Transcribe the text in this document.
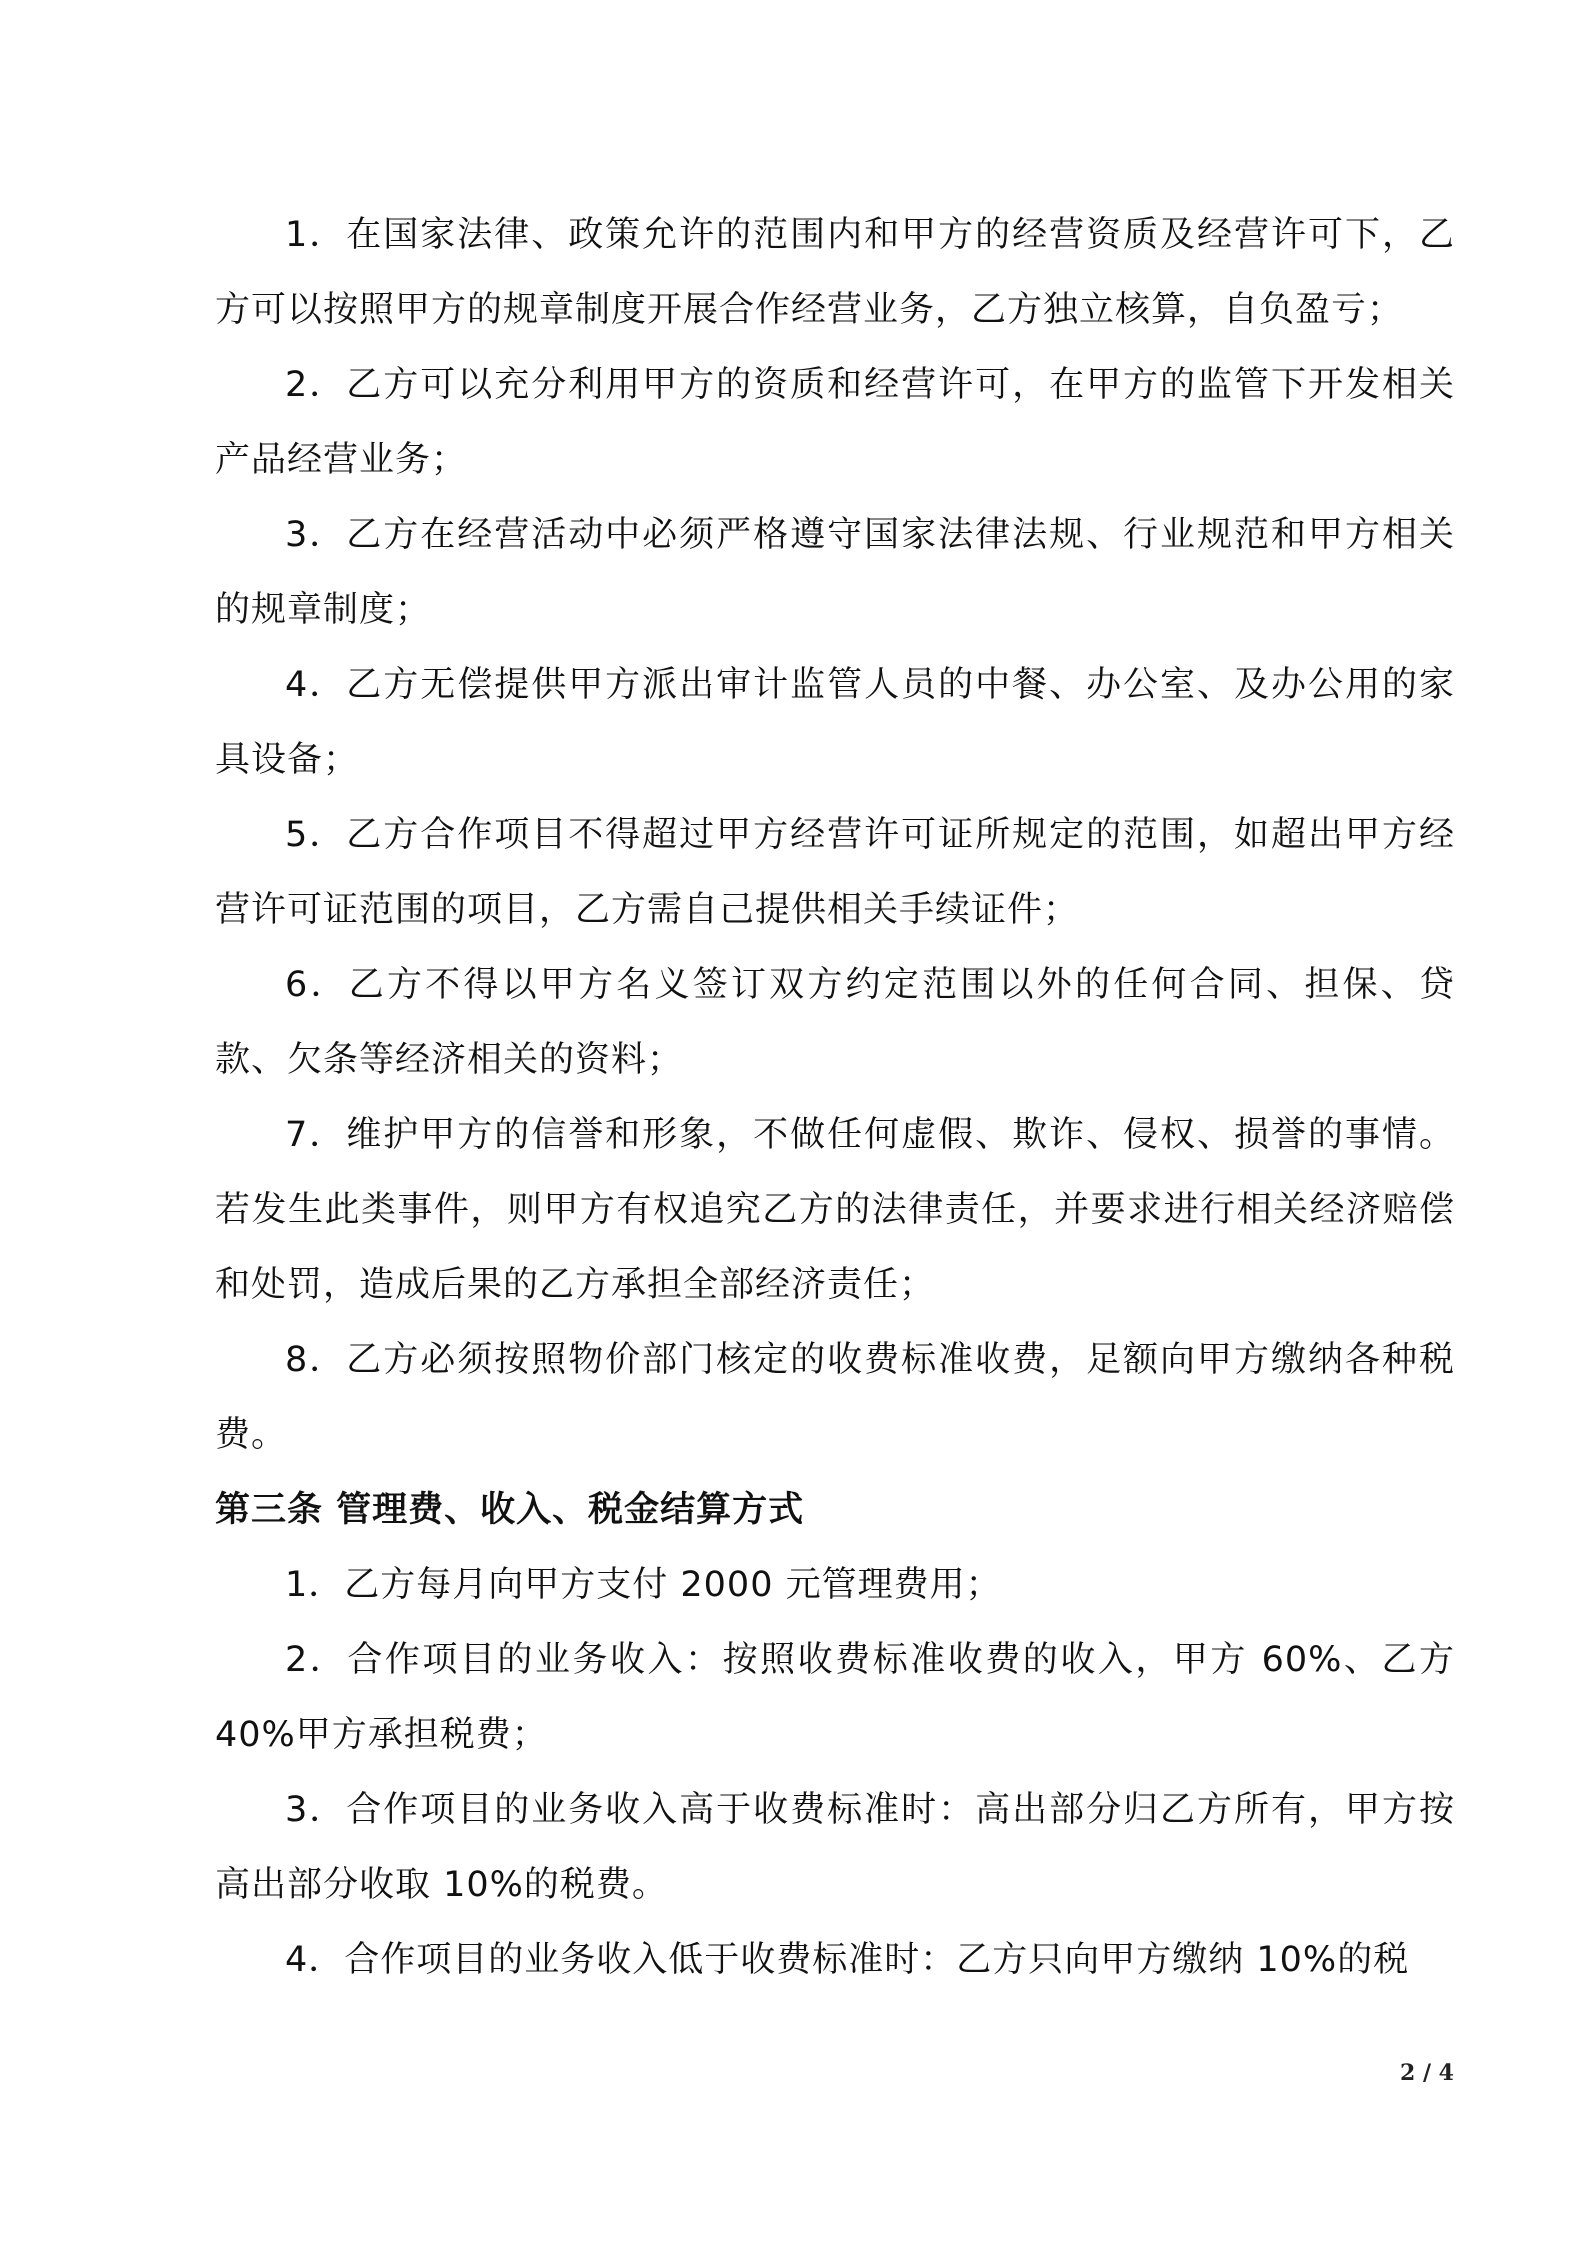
1．在国家法律、政策允许的范围内和甲方的经营资质及经营许可下，乙方可以按照甲方的规章制度开展合作经营业务，乙方独立核算，自负盈亏；

2．乙方可以充分利用甲方的资质和经营许可，在甲方的监管下开发相关产品经营业务；

3．乙方在经营活动中必须严格遵守国家法律法规、行业规范和甲方相关的规章制度；

4．乙方无偿提供甲方派出审计监管人员的中餐、办公室、及办公用的家具设备；

5．乙方合作项目不得超过甲方经营许可证所规定的范围，如超出甲方经营许可证范围的项目，乙方需自己提供相关手续证件；

6．乙方不得以甲方名义签订双方约定范围以外的任何合同、担保、贷款、欠条等经济相关的资料；

7．维护甲方的信誉和形象，不做任何虚假、欺诈、侵权、损誉的事情。若发生此类事件，则甲方有权追究乙方的法律责任，并要求进行相关经济赔偿和处罚，造成后果的乙方承担全部经济责任；

8．乙方必须按照物价部门核定的收费标准收费，足额向甲方缴纳各种税费。

第三条 管理费、收入、税金结算方式

1．乙方每月向甲方支付 2000 元管理费用；

2．合作项目的业务收入：按照收费标准收费的收入，甲方 60%、乙方 40%甲方承担税费；

3．合作项目的业务收入高于收费标准时：高出部分归乙方所有，甲方按高出部分收取 10%的税费。

4．合作项目的业务收入低于收费标准时：乙方只向甲方缴纳 10%的税

2 / 4
